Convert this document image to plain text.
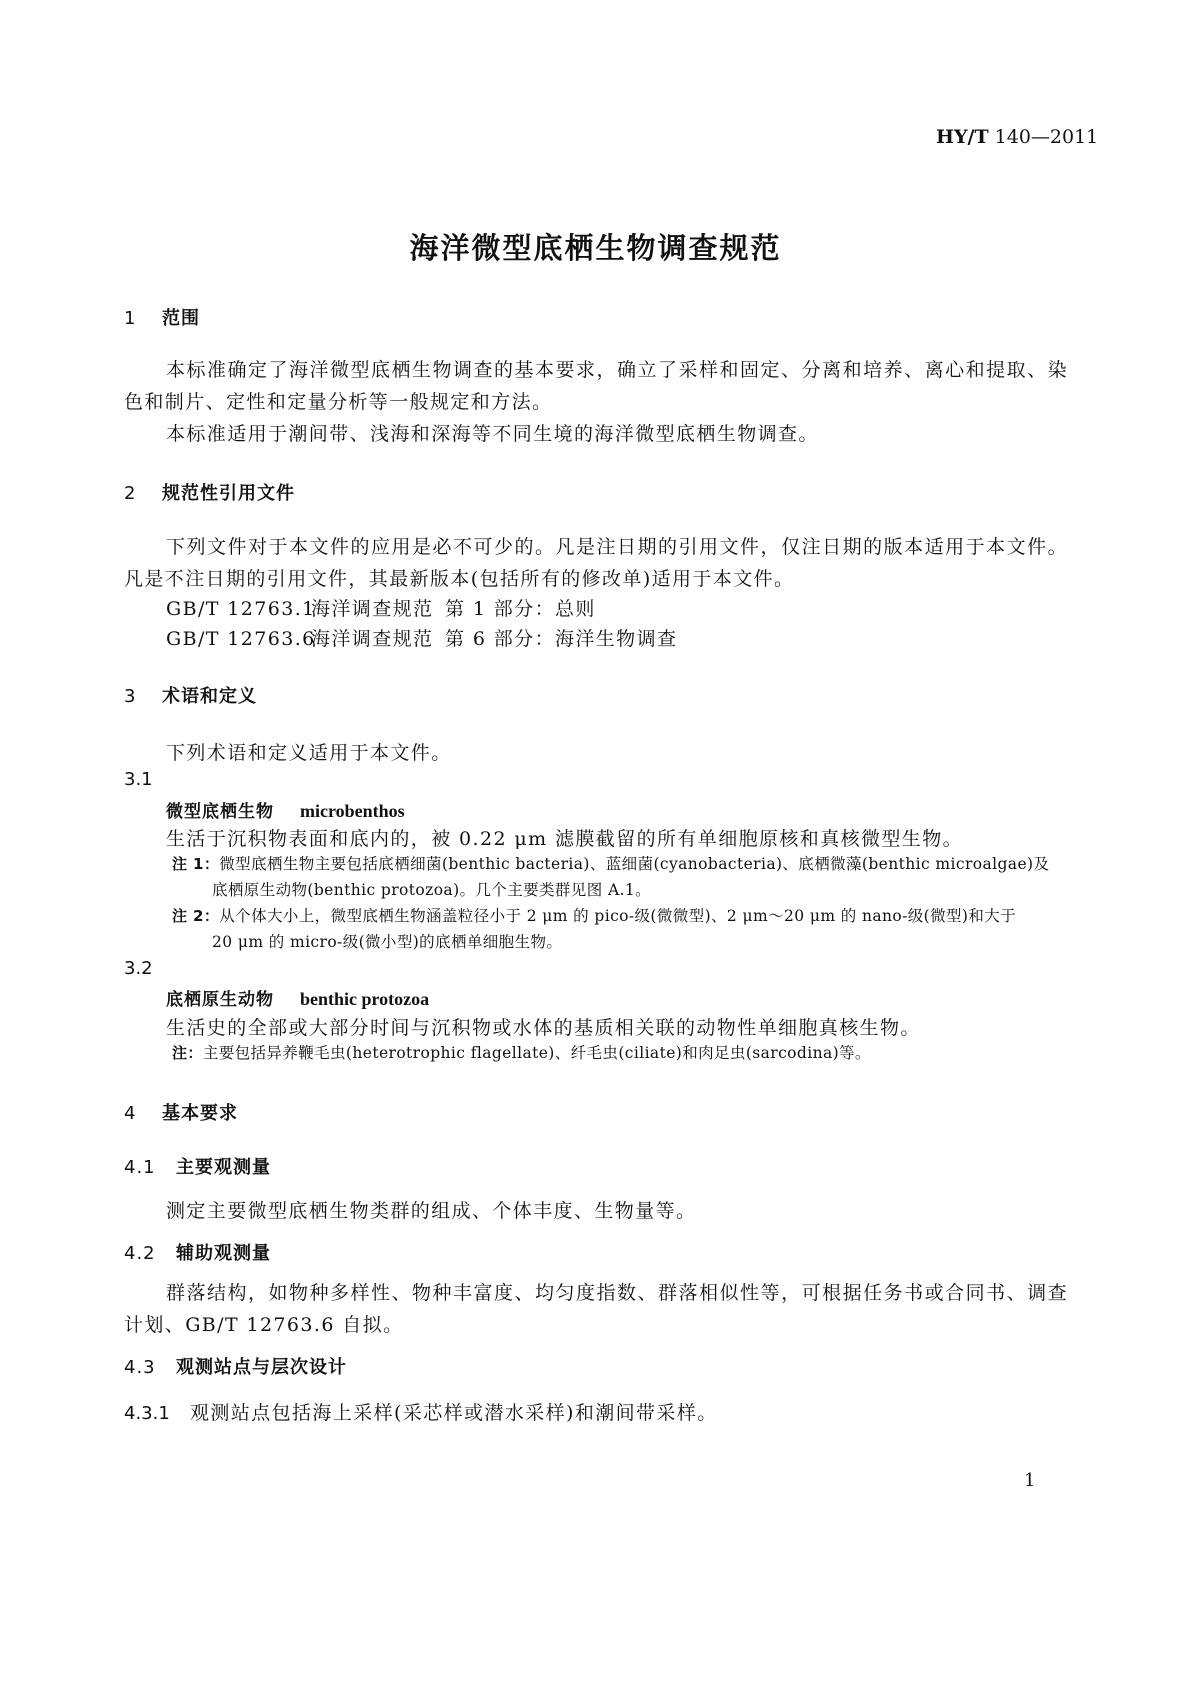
HY/T 140—2011
海洋微型底栖生物调查规范
1 范围
本标准确定了海洋微型底栖生物调查的基本要求，确立了采样和固定、分离和培养、离心和提取、染色和制片、定性和定量分析等一般规定和方法。
本标准适用于潮间带、浅海和深海等不同生境的海洋微型底栖生物调查。
2 规范性引用文件
下列文件对于本文件的应用是必不可少的。凡是注日期的引用文件，仅注日期的版本适用于本文件。凡是不注日期的引用文件，其最新版本(包括所有的修改单)适用于本文件。
GB/T 12763.1海洋调查规范 第 1 部分：总则
GB/T 12763.6海洋调查规范 第 6 部分：海洋生物调查
3 术语和定义
下列术语和定义适用于本文件。
3.1
微型底栖生物 microbenthos
生活于沉积物表面和底内的，被 0.22 μm 滤膜截留的所有单细胞原核和真核微型生物。
注 1：微型底栖生物主要包括底栖细菌(benthic bacteria)、蓝细菌(cyanobacteria)、底栖微藻(benthic microalgae)及
底栖原生动物(benthic protozoa)。几个主要类群见图 A.1。
注 2：从个体大小上，微型底栖生物涵盖粒径小于 2 μm 的 pico-级(微微型)、2 μm～20 μm 的 nano-级(微型)和大于
20 μm 的 micro-级(微小型)的底栖单细胞生物。
3.2
底栖原生动物 benthic protozoa
生活史的全部或大部分时间与沉积物或水体的基质相关联的动物性单细胞真核生物。
注：主要包括异养鞭毛虫(heterotrophic flagellate)、纤毛虫(ciliate)和肉足虫(sarcodina)等。
4 基本要求
4.1 主要观测量
测定主要微型底栖生物类群的组成、个体丰度、生物量等。
4.2 辅助观测量
群落结构，如物种多样性、物种丰富度、均匀度指数、群落相似性等，可根据任务书或合同书、调查计划、GB/T 12763.6 自拟。
4.3 观测站点与层次设计
4.3.1 观测站点包括海上采样(采芯样或潜水采样)和潮间带采样。
1
